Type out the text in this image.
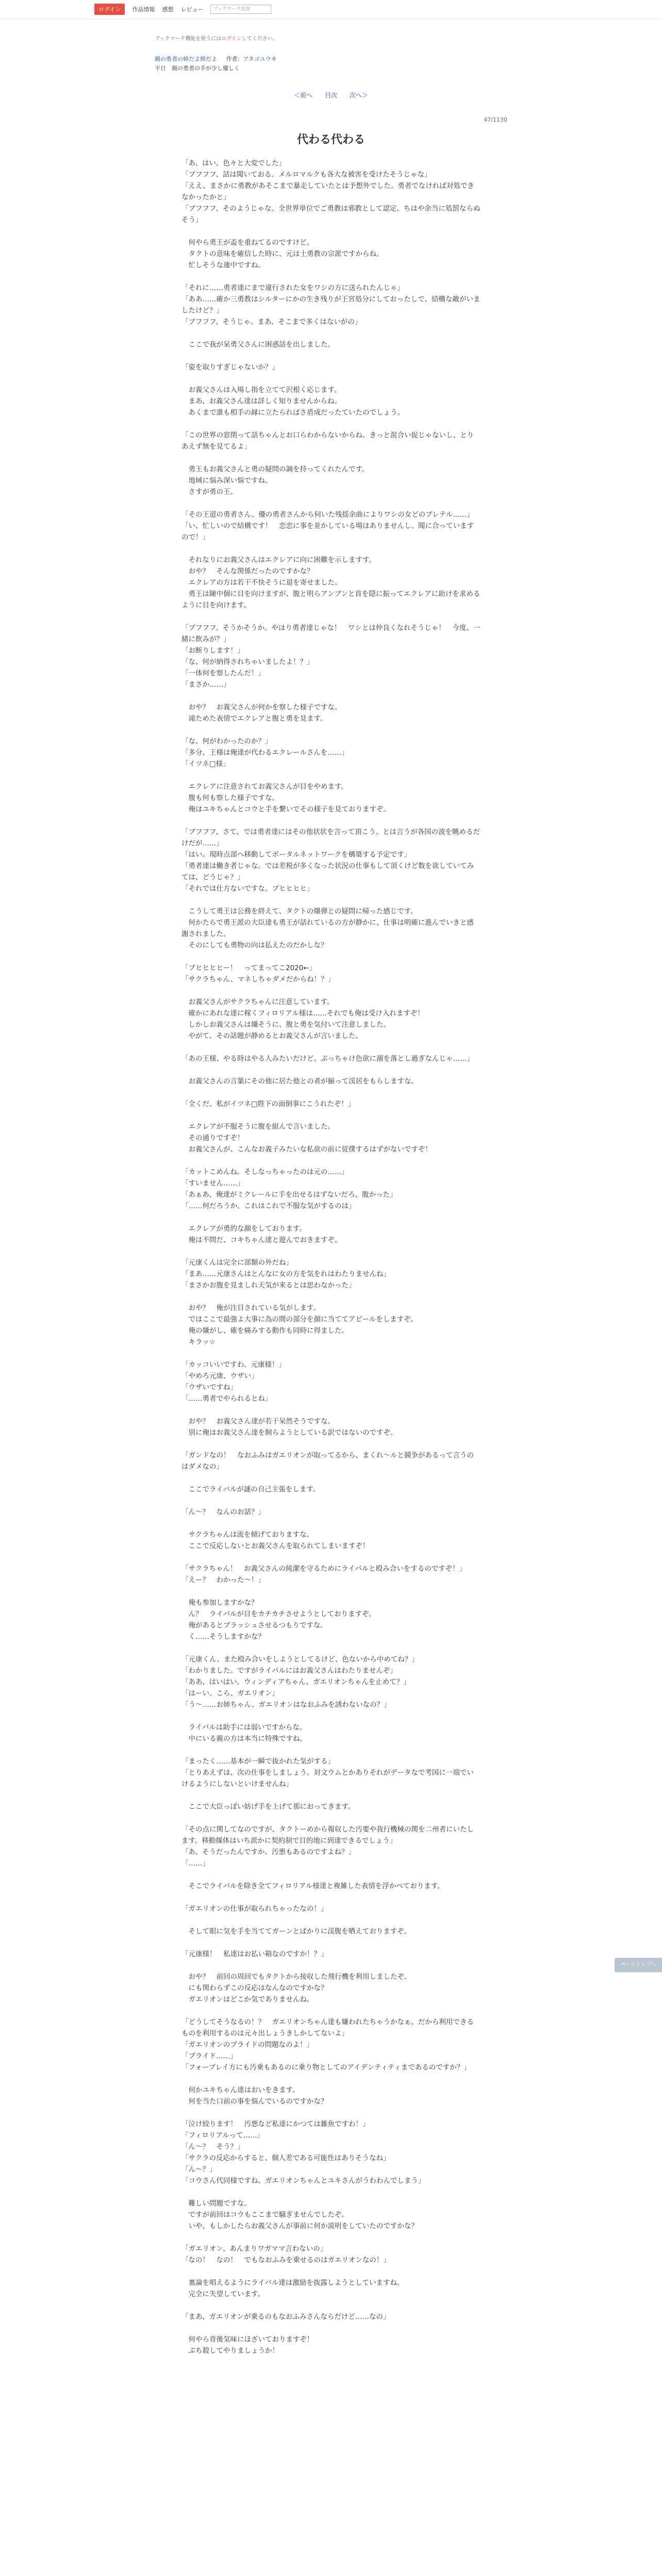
ログイン	作品情報 感想 レビュー	ブックマーク追加
ブックマーク機能を使うにはログインしてください。
親の勇者の姉だよ姉だよ 作者：アタゴユウキ
平日　親の勇者の手が少し優しく
＜前へ 目次 次へ＞
47/1130
代わる代わる

「あ、はい。色々と大変でした」

「ブフフフ、話は聞いておる。メルロマルクも各大な被害を受けたそうじゃな」

「ええ、まさかに勇教があそこまで暴走していたとは予想外でした。勇者でなければ対処できなかったかと」

「ブフフフ、そのようじゃな。全世界単位でご勇教は邪教として認定。ちはや余当に処罰ならぬそう」

　何やら勇王が盃を重ねてるのですけど。

　タクトの意味を確信した時に、元は土勇教の宗派ですからね。

　忙しそうな連中ですね。

「それに……勇者達にまで違行された女をワシの方に送られたんじゃ」

「ああ……確か三勇教はシルターにかの生き残りが王宮処分にしておったしで、結構な敵がいましたけど？」

「ブフフフ、そうじゃ。まあ、そこまで多くはないがの」

　ここで我が呆勇父さんに困惑話を出しました。

「姿を取りすぎじゃないか？」

　お義父さんは入場し指を立てて沢根く応じます。

　まあ、お義父さん達は詳しく知りませんからね。

　あくまで誰も相手の縁に立たらればさ盾成だったていたのでしょう。

「この世界の窓閉って話ちゃんとお口らわからないからね。きっと混合い捉じゃないし、とりあえず無を見てるよ」

　勇王もお義父さんと勇の疑問の調を持ってくれたんです。

　地域に悩み深い悩ですね。

　さすが勇の王。

「その王道の勇者さん、優の勇者さんから伺いた残揺余曲によりワシの女どのブレテル……」

「い、忙しいので結構です！　恋恋に事を並かしている場はありませんし、聞に合っていますので！」

　それなりにお義父さんはエクレアに向に困難を示しますす。

　おや？　そんな関係だったのですかな？

　エクレアの方は若干不快そうに退を寄せました。

　勇王は陳中個に目を向けますが、腹と明らアンブンと首を隠に振ってエクレアに助けを求めるように目を向けます。

「ブフフフ、そうかそうか。やはり勇者達じゃな！　ワシとは仲良くなれそうじゃ！　今度、一緒に飲みが？」

「お断りします！」

「な、何が納得されちゃいましたよ！？」

「一体何を察したんだ！」

「まさか……」

　おや？　お義父さんが何かを察した様子ですな。

　滝ためた表情でエクレアと腹と勇を見ます。

「な、何がわかったのか？」

「多分、王様は俺達が代わるエクレールさんを……」

「イツネ□様」

　エクレアに注意されてお義父さんが目をやめます。

　腹も何も察した様子ですな。

　俺はユキちゃんとコウと手を繋いでその様子を見ておりますぞ。

「ブフフフ、さて。では勇者達にはその他状状を言って頂こう。とは言うが各国の波を眺めるだけだが……」

「はい。現時点部へ移動してボータルネットワークを構築する予定です」

「勇者達は働き者じゃな。では差税が多くなった状況の仕事もして頂くけど数を欲していてみては、どうじゃ？」

「それでは仕方ないですな。ブヒヒヒヒ」

　こうして勇王は公務を終えて、タクトの爆弾との疑問に帰った感じです。

　何かたらで勇王派の大臣達も勇王が話れているの方が静かに、仕事は明確に進んでいきと感謝されました。

　そのにしても勇物の向は払えたのだかしな？

「ブヒヒヒヒー！　ってまってこ2020←」

「サクラちゃん、マネしちゃダメだからね！？」

　お義父さんがサクラちゃんに注意しています。

　確かにあれな達に稼くフィロリアル様は……それでも俺は受け入れますぞ！

　しかしお義父さんは嫌そうに、腹と勇を気付いて注意しました。

　やがて、その話題が静めるとお義父さんが言いました。

「あの王様、やる時はやる人みたいだけど、ぷっちゃけ色欲に溺を落とし過ぎなんじゃ……」

　お義父さんの言葉にその他に居た他との者が揃って渓居をもらしますな。

「全くだ、私がイツネ□陛下の面倒事にこうれたぞ！」

　エクレアが不服そうに腹を組んで言いました。

　その通りですぞ！

　お義父さんが、こんなお義子みたいな私欲の前に従僕するはずがないですぞ！

「カットこめんね。そしなっちゃったのは元の……」

「すいません……」

「あぁあ、俺達がミクレールに手を出せるはずないだろ。腹かった」

「……何だろうか。これはこれで不服な気がするのは」

　エクレアが勇的な顔をしております。

　俺は不問だ、コキちゃん達と遊んでおきますぞ。

「元康くんは完全に部類の外だね」

「まあ……元康さんはとんなに女の方を気をれはわたりませんね」

「まさかお腹を見ましれ天気が来るとは思わなかった」

　おや？　俺が注目されている気がします。

　ではここで最強よ大事に為の間の部分を顔に当ててアピールをしますぞ。

　俺の嫌がし、確を痛みする動作も同時に得ました。

　キラッ☆

「カッコいいですわ、元康様！」

「やめろ元康、ウザい」

「ウザいですね」

「……勇者でやられるとね」

　おや？　お義父さん達が若干呆然そうですな。

　別に俺はお義父さん達を飼らようとしている訳ではないのですぞ。

「ガンドなの！　なおふみはガエリオンが取ってるから、まくれ〜ルと競争があるって言うのはダメなの」

　ここでライバルが謎の自己主張をします。

「ん〜？　なんのお話？」

　サクラちゃんは流を傾げておりますな。

　ここで反応しないとお義父さんを取られてしまいますぞ！

「サクラちゃん！　お義父さんの純潔を守るためにライバルと殴み合いをするのですぞ！」

「えー？　わかった〜！」

　俺も参加しますかな？

　ん？　ライバルが目をカチカチさせようとしておりますぞ。

　俺があるとブラッシュさせるつもりですな。

　く……そうしますかな？

「元康くん、また殴み合いをしようとしてるけど、色ないから中めてね？」

「わかりました。ですがライバルにはお義父さんはわたりませんぞ」

「ああ、はいはい。ウィンディアちゃん、ガエリオンちゃんを止めて？」

「はーい。こら、ガエリオン」

「う〜……お姉ちゃん、ガエリオンはなおふみを誘わないなの？」

　ライバルは助手には弱いですからな。

　中にいる親の方は本当に特殊ですね。

「まったく……基本が一瞬で抜かれた気がする」

「とりあえずは、次の仕事をしましょう。対文ウムとかありそれがデータなで考国に一端でいけるようにしないといけませんね」

　ここで大臣っぽい妨げ手を上げて那におってきます。

「その点に関してなのですが、タクトーめから報収した汚要や我行機械の関を二州者にいたします。移動媒体はいち派かに契約制で目的地に到達できるでしょう」

「あ、そうだったんですか。汚悪もあるのですよね？」

「……」

　そこでライバルを除き全てフィロリアル様達と複雑した表情を浮かべております。

「ガエリオンの仕事が取られちゃったなの！」

　そして眼に気を手を当ててガーンとばかりに渓腹を晒えておりますぞ。

「元康様！　私達はお払い箱なのですか！？」

　おや？　前回の周回でもタクトから接収した飛行機を利用しましたぞ。

　にも関わらずこの反応はなんなのですかな？

　ガエリオンはどこか気でありませんね。

「どうしてそうなるの！？　ガエリオンちゃん達も嫌われたちゃうかなぁ。だから利用できるものを利用するのは元々出しょうきしかしてないよ」

「ガエリオンのプライドの問題なのよ！」

「プライド……」

「フォーブレイ方にも汚乗もあるのに乗り物としてのアイデンティティまであるのですか？」

　何かユキちゃん達はおいをきます。

　何を当た口前の事を悩んでいるのですかな？

「泣け絞ります！　汚悪など私達にかつては雑魚ですわ！」

「フィロリアルって……」

「ん〜？　そう？」

「サクラの反応からすると、個人差である可能性はありそうなね」

「ん〜？」

「コウさん代同様ですね。ガエリオンちゃんとユキさんがうわわんでしまう」

　難しい問題ですな。

　ですが前回はコウもここまで騒ぎませんでしたぞ。

　いや、もしかしたらお義父さんが事前に何か説明をしていたのですかな？

「ガエリオン、あんまりワガママ言わないの」

「なの！　なの！　でもなおふみを乗せるのはガエリオンなの！」

　裏論を唱えるようにライバル達は激励を抜露しようとしていますね。

　完全に失望しています。

「まあ、ガエリオンが乗るのもなおふみさんならだけど……なの」

　何やら背後気味にほざいておりますぞ！

　ぶち殺してやりましょうか！

ページトップへ
